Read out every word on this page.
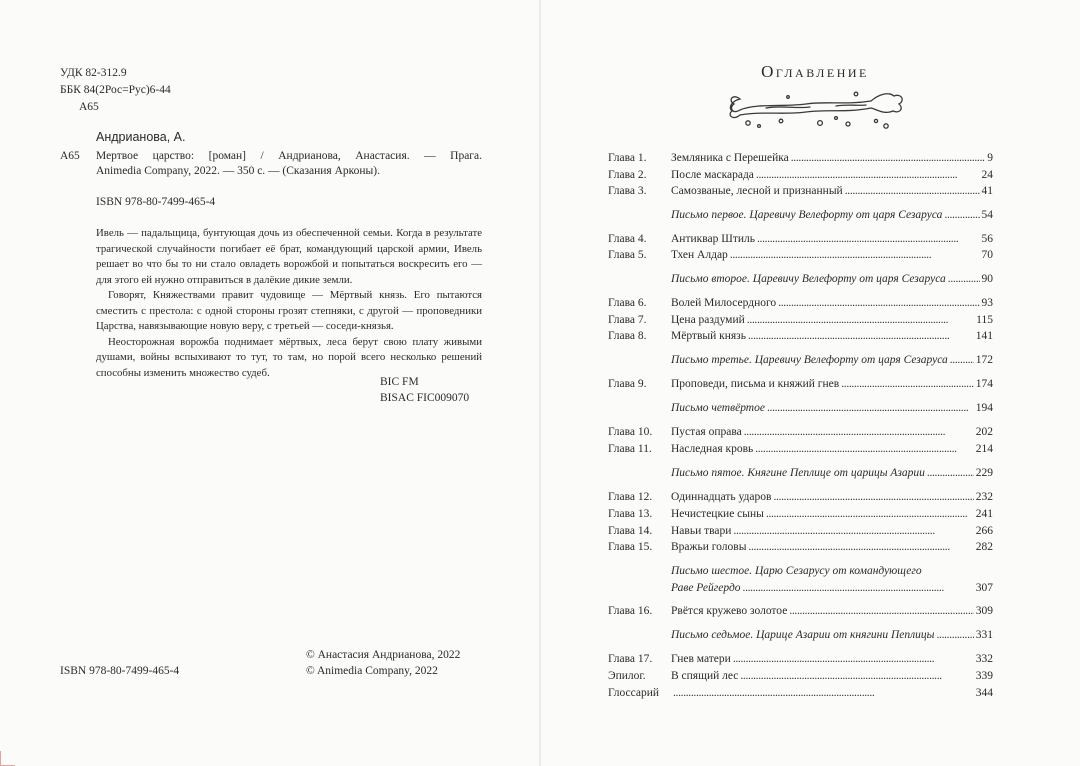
УДК 82-312.9
ББК 84(2Рос=Рус)6-44
А65
Андрианова, А.
А65 Мертвое царство: [роман] / Андрианова, Анастасия. — Прага.
Animedia Company, 2022. — 350 с. — (Сказания Арконы).
ISBN 978-80-7499-465-4

Ивель — падальщица, бунтующая дочь из обеспеченной семьи. Когда в результате трагической случайности погибает её брат, командующий царской армии, Ивель решает во что бы то ни стало овладеть ворожбой и попытаться воскресить его — для этого ей нужно отправиться в далёкие дикие земли.

Говорят, Княжествами правит чудовище — Мёртвый князь. Его пытаются сместить с престола: с одной стороны грозят степняки, с другой — проповедники Царства, навязывающие новую веру, с третьей — соседи-князья.

Неосторожная ворожба поднимает мёртвых, леса берут свою плату живыми душами, войны вспыхивают то тут, то там, но порой всего несколько решений способны изменить множество судеб.

BIC FM
BISAC FIC009070
© Анастасия Андрианова, 2022
© Animedia Company, 2022
ISBN 978-80-7499-465-4
Оглавление
Глава 1. Земляника с Перешейка . . .	9
Глава 2. После маскарада . . .	24
Глава 3. Самозваные, лесной и признанный . . .	41
Письмо первое. Царевичу Велефорту от царя Сезаруса . . .	54
Глава 4. Антиквар Штиль . . .	56
Глава 5. Тхен Алдар . . .	70
Письмо второе. Царевичу Велефорту от царя Сезаруса . . .	90
Глава 6. Волей Милосердного . . .	93
Глава 7. Цена раздумий . . .	115
Глава 8. Мёртвый князь . . .	141
Письмо третье. Царевичу Велефорту от царя Сезаруса . . . 172
Глава 9. Проповеди, письма и княжий гнев . . .	174
Письмо четвёртое . . .	194
Глава 10. Пустая оправа . . .	202
Глава 11. Наследная кровь . . .	214
Письмо пятое. Княгине Пеплице от царицы Азарии . . .	229
Глава 12. Одиннадцать ударов . . .	232
Глава 13. Нечистецкие сыны . . .	241
Глава 14. Навьи твари . . .	266
Глава 15. Вражьи головы . . .	282
Письмо шестое. Царю Сезарусу от командующего
Раве Рейгердо . . .	307
Глава 16. Рвётся кружево золотое . . .	309
Письмо седьмое. Царице Азарии от княгини Пеплицы . . .	331
Глава 17. Гнев матери . . .	332
Эпилог. В спящий лес . . .	339
Глоссарий . . .	344
